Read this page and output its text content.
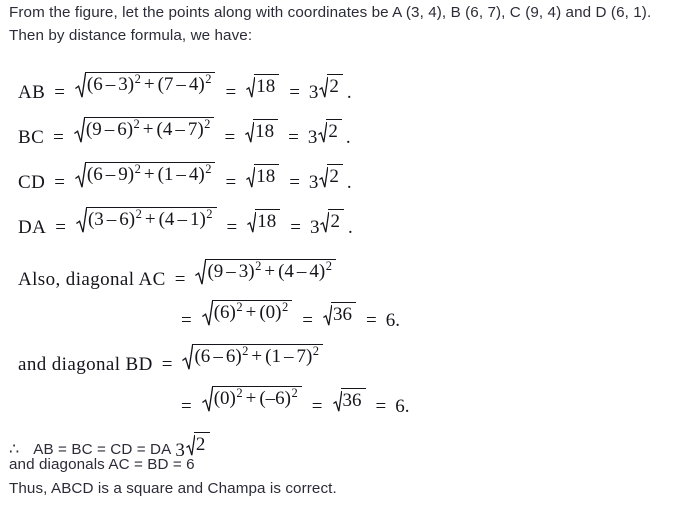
From the figure, let the points along with coordinates be A (3, 4), B (6, 7), C (9, 4) and D (6, 1).
Then by distance formula, we have:
AB = (6 – 3)$^2$ + (7 – 4)$^2$
= 18 = 3 2 .
BC = (9 – 6)$^2$ + (4 – 7)$^2$
= 18 = 3 2 .
CD = (6 – 9)$^2$ + (1 – 4)$^2$
= 18 = 3 2 .
DA = (3 – 6)$^2$ + (4 – 1)$^2$
= 18 = 3 2 .
Also, diagonal AC = (9 – 3)$^2$ + (4 – 4)$^2$
= $(6)^2 + (0)^2$
= 36 = 6.
and diagonal BD = (6 – 6)$^2$ + (1 – 7)$^2$
= $(0)^2 + (-6)^2$
= 36 = 6.
∴ AB = BC = CD = DA 3 2
and diagonals AC = BD = 6
Thus, ABCD is a square and Champa is correct.
